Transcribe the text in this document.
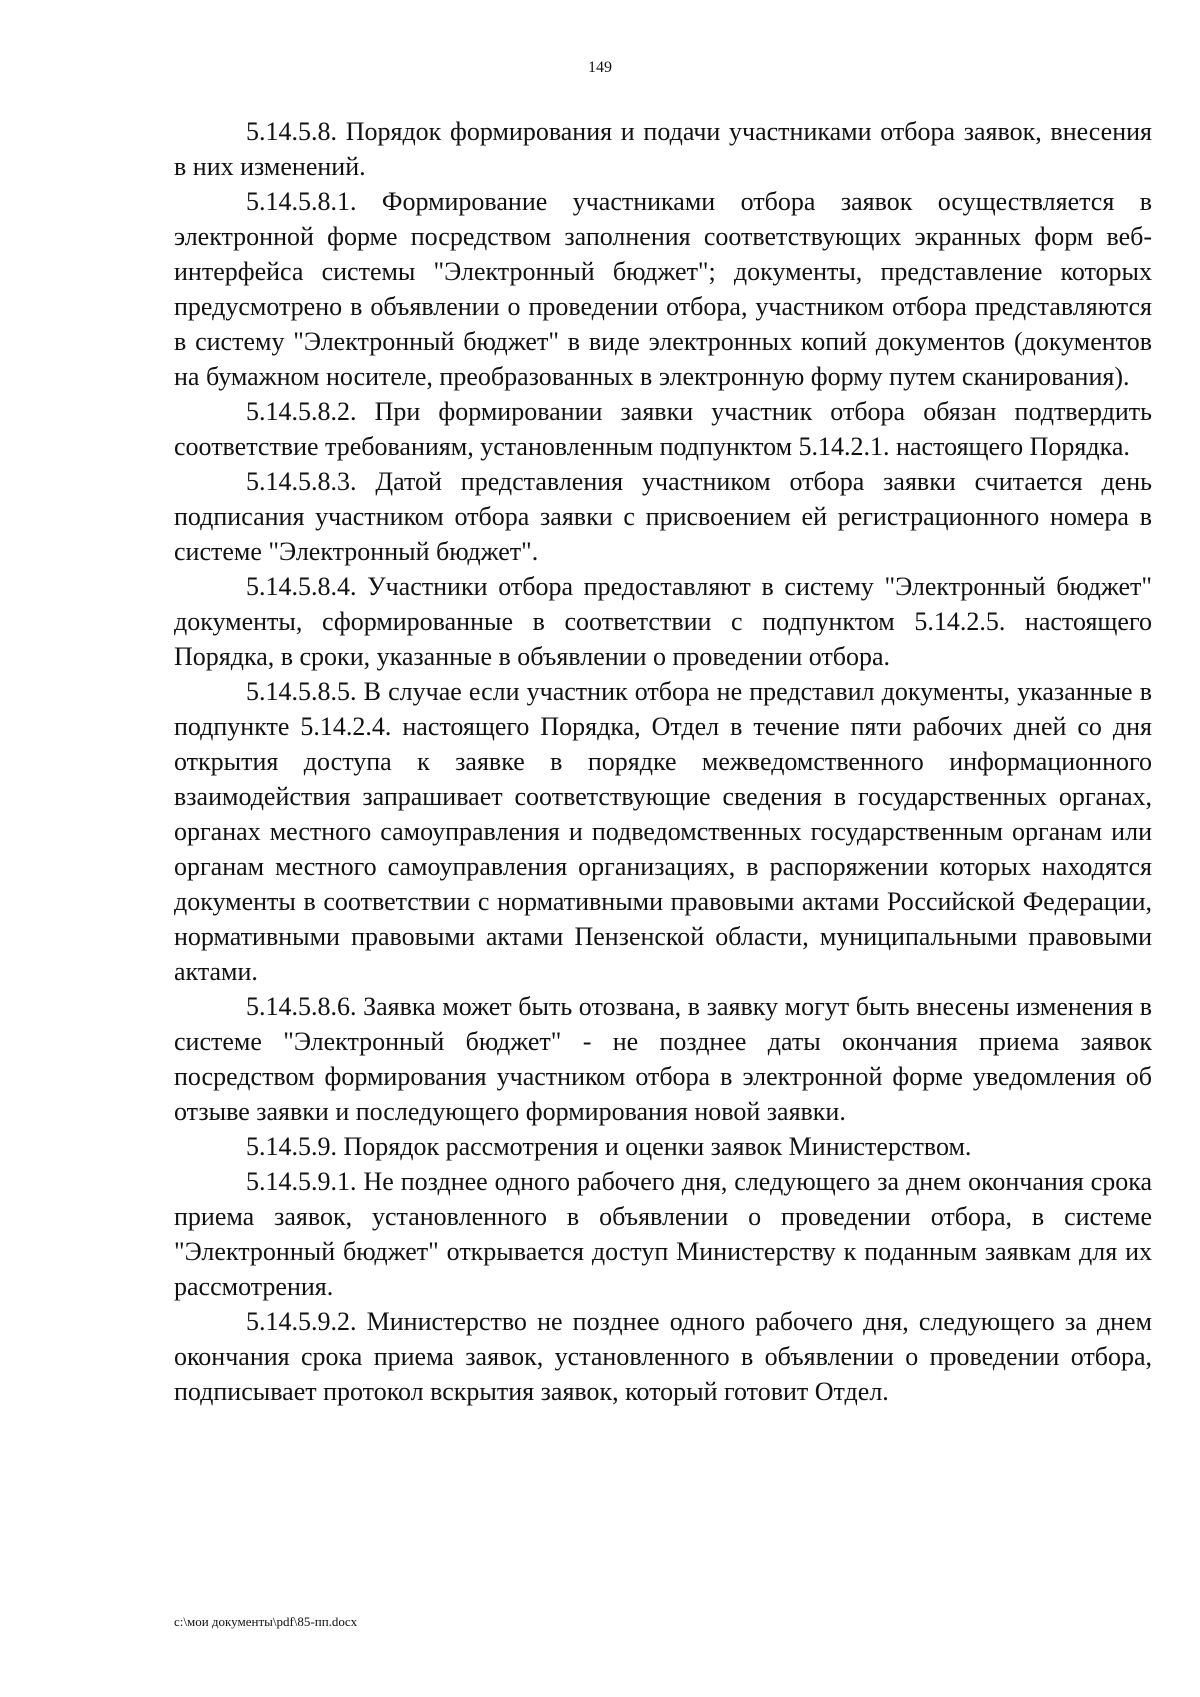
149

5.14.5.8. Порядок формирования и подачи участниками отбора заявок, внесения в них изменений.

5.14.5.8.1. Формирование участниками отбора заявок осуществляется в электронной форме посредством заполнения соответствующих экранных форм веб-интерфейса системы "Электронный бюджет"; документы, представление которых предусмотрено в объявлении о проведении отбора, участником отбора представляются в систему "Электронный бюджет" в виде электронных копий документов (документов на бумажном носителе, преобразованных в электронную форму путем сканирования).

5.14.5.8.2. При формировании заявки участник отбора обязан подтвердить соответствие требованиям, установленным подпунктом 5.14.2.1. настоящего Порядка.

5.14.5.8.3. Датой представления участником отбора заявки считается день подписания участником отбора заявки с присвоением ей регистрационного номера в системе "Электронный бюджет".

5.14.5.8.4. Участники отбора предоставляют в систему "Электронный бюджет" документы, сформированные в соответствии с подпунктом 5.14.2.5. настоящего Порядка, в сроки, указанные в объявлении о проведении отбора.

5.14.5.8.5. В случае если участник отбора не представил документы, указанные в подпункте 5.14.2.4. настоящего Порядка, Отдел в течение пяти рабочих дней со дня открытия доступа к заявке в порядке межведомственного информационного взаимодействия запрашивает соответствующие сведения в государственных органах, органах местного самоуправления и подведомственных государственным органам или органам местного самоуправления организациях, в распоряжении которых находятся документы в соответствии с нормативными правовыми актами Российской Федерации, нормативными правовыми актами Пензенской области, муниципальными правовыми актами.

5.14.5.8.6. Заявка может быть отозвана, в заявку могут быть внесены изменения в системе "Электронный бюджет" - не позднее даты окончания приема заявок посредством формирования участником отбора в электронной форме уведомления об отзыве заявки и последующего формирования новой заявки.

5.14.5.9. Порядок рассмотрения и оценки заявок Министерством.

5.14.5.9.1. Не позднее одного рабочего дня, следующего за днем окончания срока приема заявок, установленного в объявлении о проведении отбора, в системе "Электронный бюджет" открывается доступ Министерству к поданным заявкам для их рассмотрения.

5.14.5.9.2. Министерство не позднее одного рабочего дня, следующего за днем окончания срока приема заявок, установленного в объявлении о проведении отбора, подписывает протокол вскрытия заявок, который готовит Отдел.

c:\мои документы\pdf\85-пп.docx
